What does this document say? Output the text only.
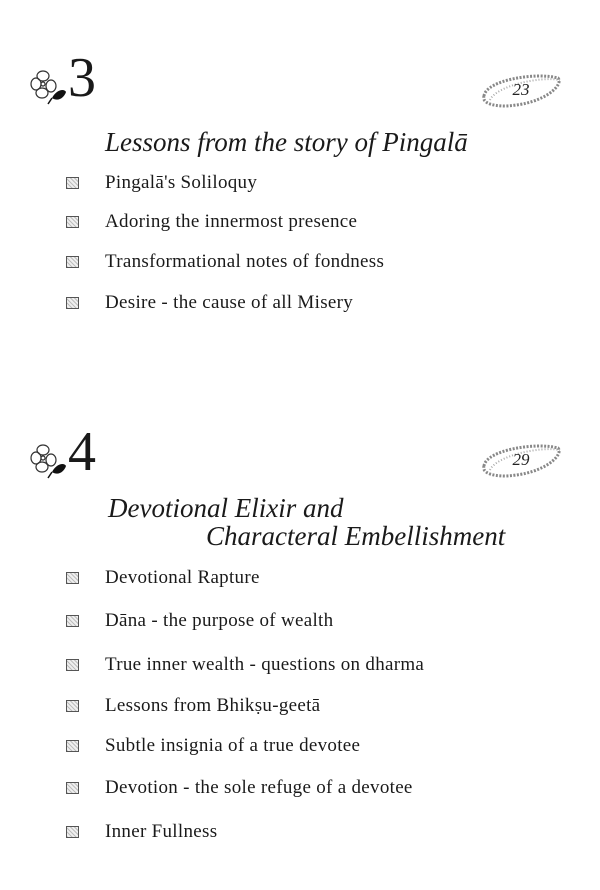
3	23
Lessons from the story of Pingalā
Pingalā's Soliloquy
Adoring the innermost presence
Transformational notes of fondness
Desire - the cause of all Misery
4	29
Devotional Elixir and
Characteral Embellishment
Devotional Rapture
Dāna - the purpose of wealth
True inner wealth - questions on dharma
Lessons from Bhikṣu-geetā
Subtle insignia of a true devotee
Devotion - the sole refuge of a devotee
Inner Fullness
